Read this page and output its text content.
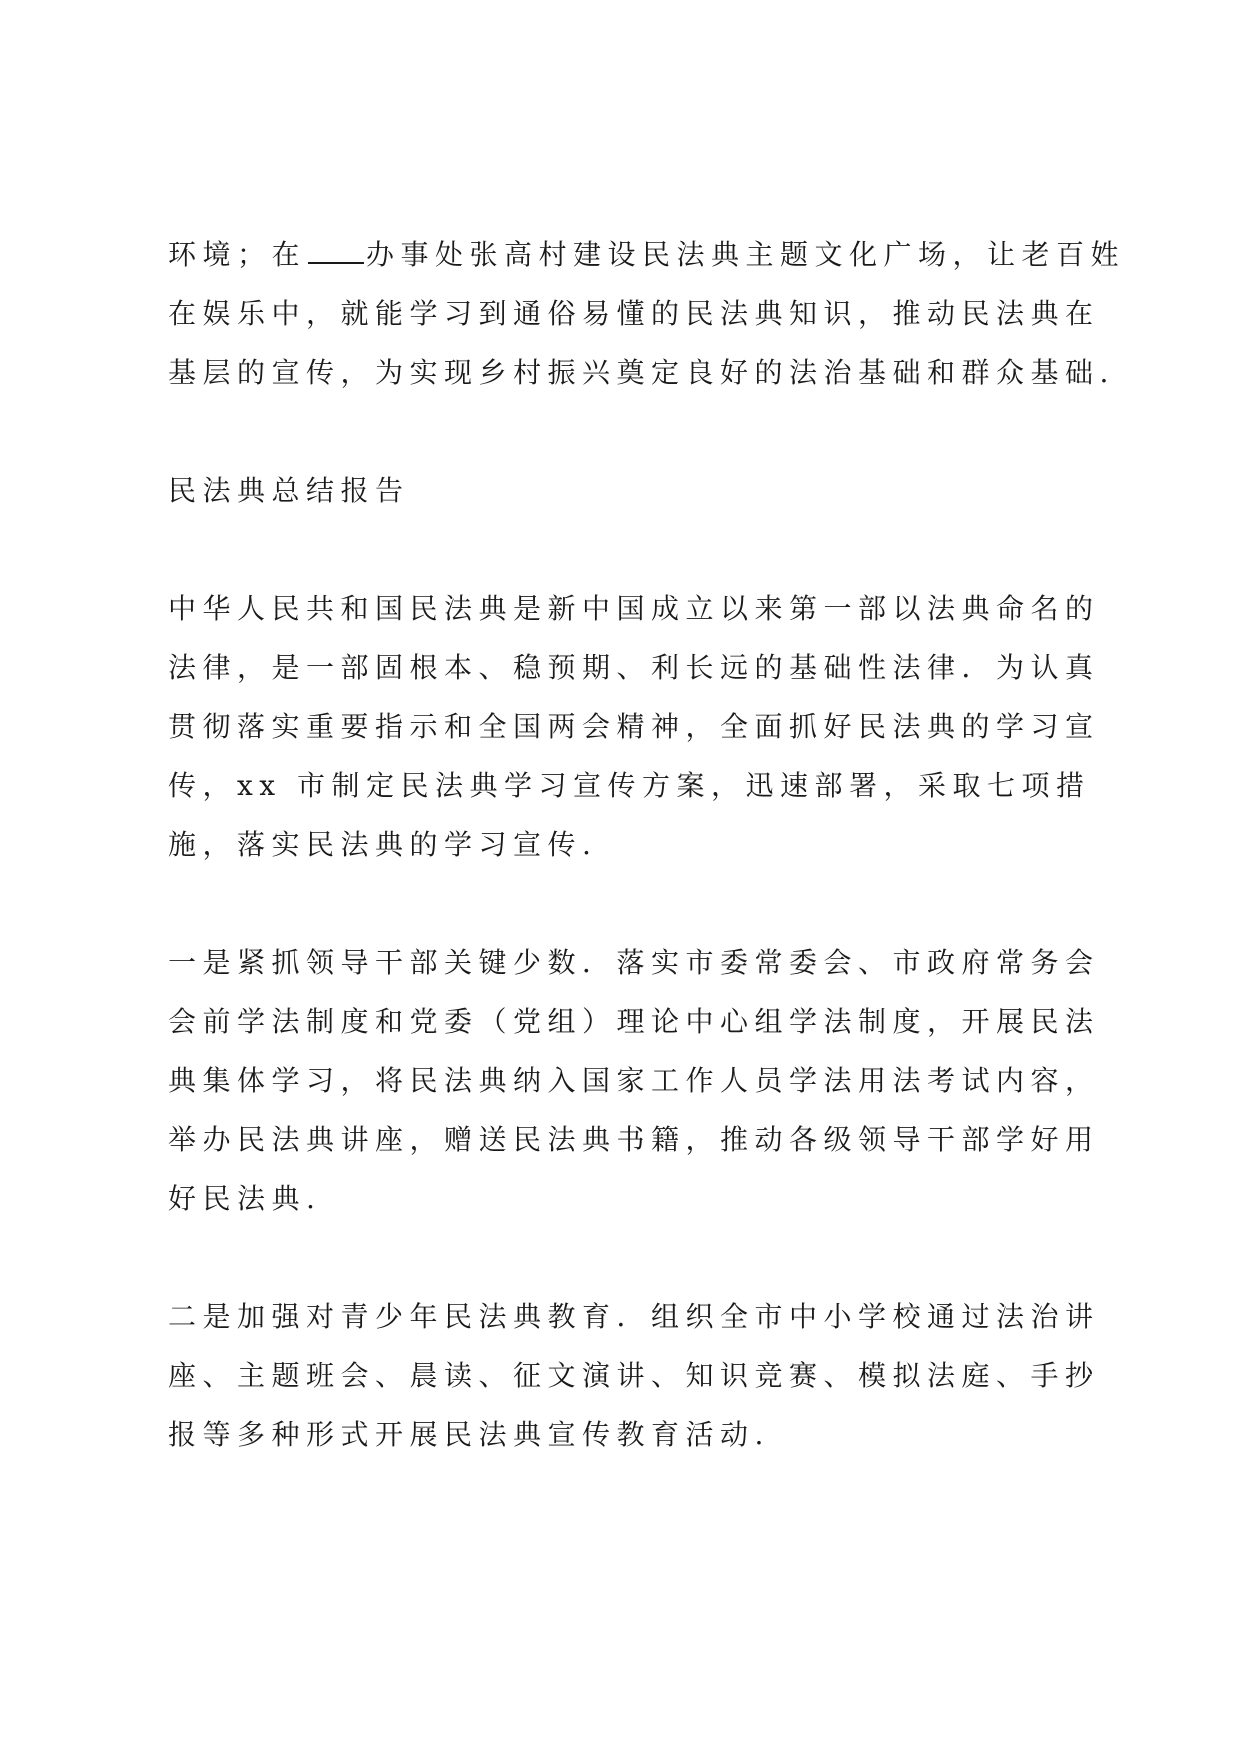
环境；在 办事处张高村建设民法典主题文化广场，让老百姓
在娱乐中，就能学习到通俗易懂的民法典知识，推动民法典在
基层的宣传，为实现乡村振兴奠定良好的法治基础和群众基础.
民法典总结报告
中华人民共和国民法典是新中国成立以来第一部以法典命名的
法律，是一部固根本、稳预期、利长远的基础性法律．为认真
贯彻落实重要指示和全国两会精神，全面抓好民法典的学习宣
传，xx 市制定民法典学习宣传方案，迅速部署，采取七项措
施，落实民法典的学习宣传.
一是紧抓领导干部关键少数．落实市委常委会、市政府常务会
会前学法制度和党委（党组）理论中心组学法制度，开展民法
典集体学习，将民法典纳入国家工作人员学法用法考试内容，
举办民法典讲座，赠送民法典书籍，推动各级领导干部学好用
好民法典.
二是加强对青少年民法典教育．组织全市中小学校通过法治讲
座、主题班会、晨读、征文演讲、知识竞赛、模拟法庭、手抄
报等多种形式开展民法典宣传教育活动.
